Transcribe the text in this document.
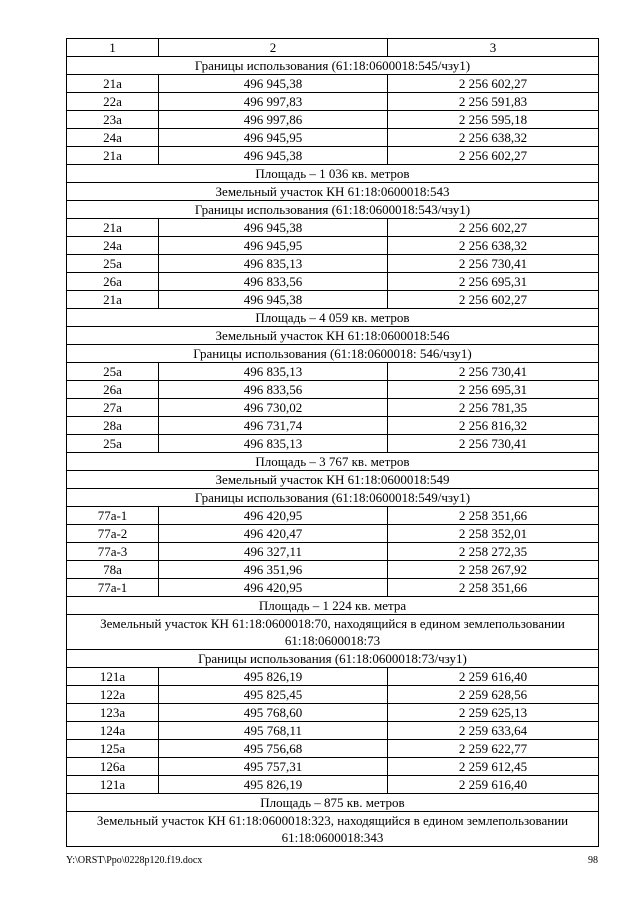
1	2	3
Границы использования (61:18:0600018:545/чзу1)		
21а	496 945,38	2 256 602,27
22а	496 997,83	2 256 591,83
23а	496 997,86	2 256 595,18
24а	496 945,95	2 256 638,32
21а	496 945,38	2 256 602,27
Площадь – 1 036 кв. метров		
Земельный участок КН 61:18:0600018:543		
Границы использования (61:18:0600018:543/чзу1)		
21а	496 945,38	2 256 602,27
24а	496 945,95	2 256 638,32
25а	496 835,13	2 256 730,41
26а	496 833,56	2 256 695,31
21а	496 945,38	2 256 602,27
Площадь – 4 059 кв. метров		
Земельный участок КН 61:18:0600018:546		
Границы использования (61:18:0600018: 546/чзу1)		
25а	496 835,13	2 256 730,41
26а	496 833,56	2 256 695,31
27а	496 730,02	2 256 781,35
28а	496 731,74	2 256 816,32
25а	496 835,13	2 256 730,41
Площадь – 3 767 кв. метров		
Земельный участок КН 61:18:0600018:549		
Границы использования (61:18:0600018:549/чзу1)		
77а-1	496 420,95	2 258 351,66
77а-2	496 420,47	2 258 352,01
77а-3	496 327,11	2 258 272,35
78а	496 351,96	2 258 267,92
77а-1	496 420,95	2 258 351,66
Площадь – 1 224 кв. метра		
Земельный участок КН 61:18:0600018:70, находящийся в едином землепользовании 61:18:0600018:73		
Границы использования (61:18:0600018:73/чзу1)		
121а	495 826,19	2 259 616,40
122а	495 825,45	2 259 628,56
123а	495 768,60	2 259 625,13
124а	495 768,11	2 259 633,64
125а	495 756,68	2 259 622,77
126а	495 757,31	2 259 612,45
121а	495 826,19	2 259 616,40
Площадь – 875 кв. метров		
Земельный участок КН 61:18:0600018:323, находящийся в едином землепользовании 61:18:0600018:343		
Y:\ORST\Ppo\0228p120.f19.docx	98
